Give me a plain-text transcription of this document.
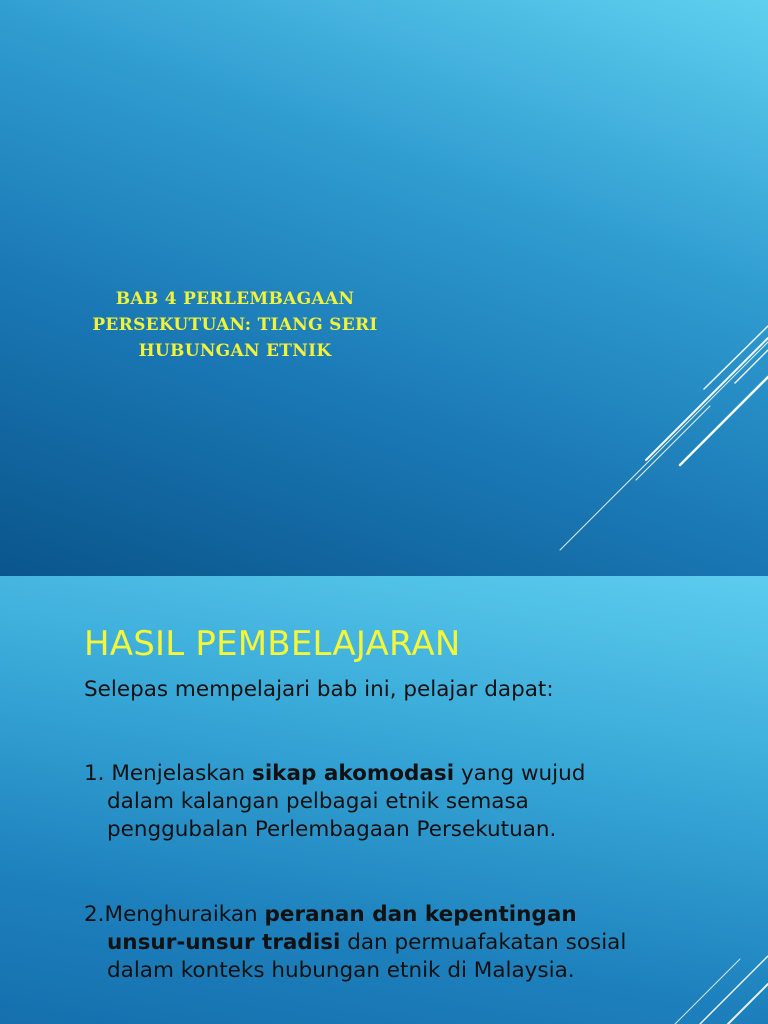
BAB 4 PERLEMBAGAAN
PERSEKUTUAN: TIANG SERI
HUBUNGAN ETNIK
HASIL PEMBELAJARAN
Selepas mempelajari bab ini, pelajar dapat:
1. Menjelaskan sikap akomodasi yang wujud
dalam kalangan pelbagai etnik semasa
penggubalan Perlembagaan Persekutuan.
2.Menghuraikan peranan dan kepentingan
unsur-unsur tradisi dan permuafakatan sosial
dalam konteks hubungan etnik di Malaysia.
